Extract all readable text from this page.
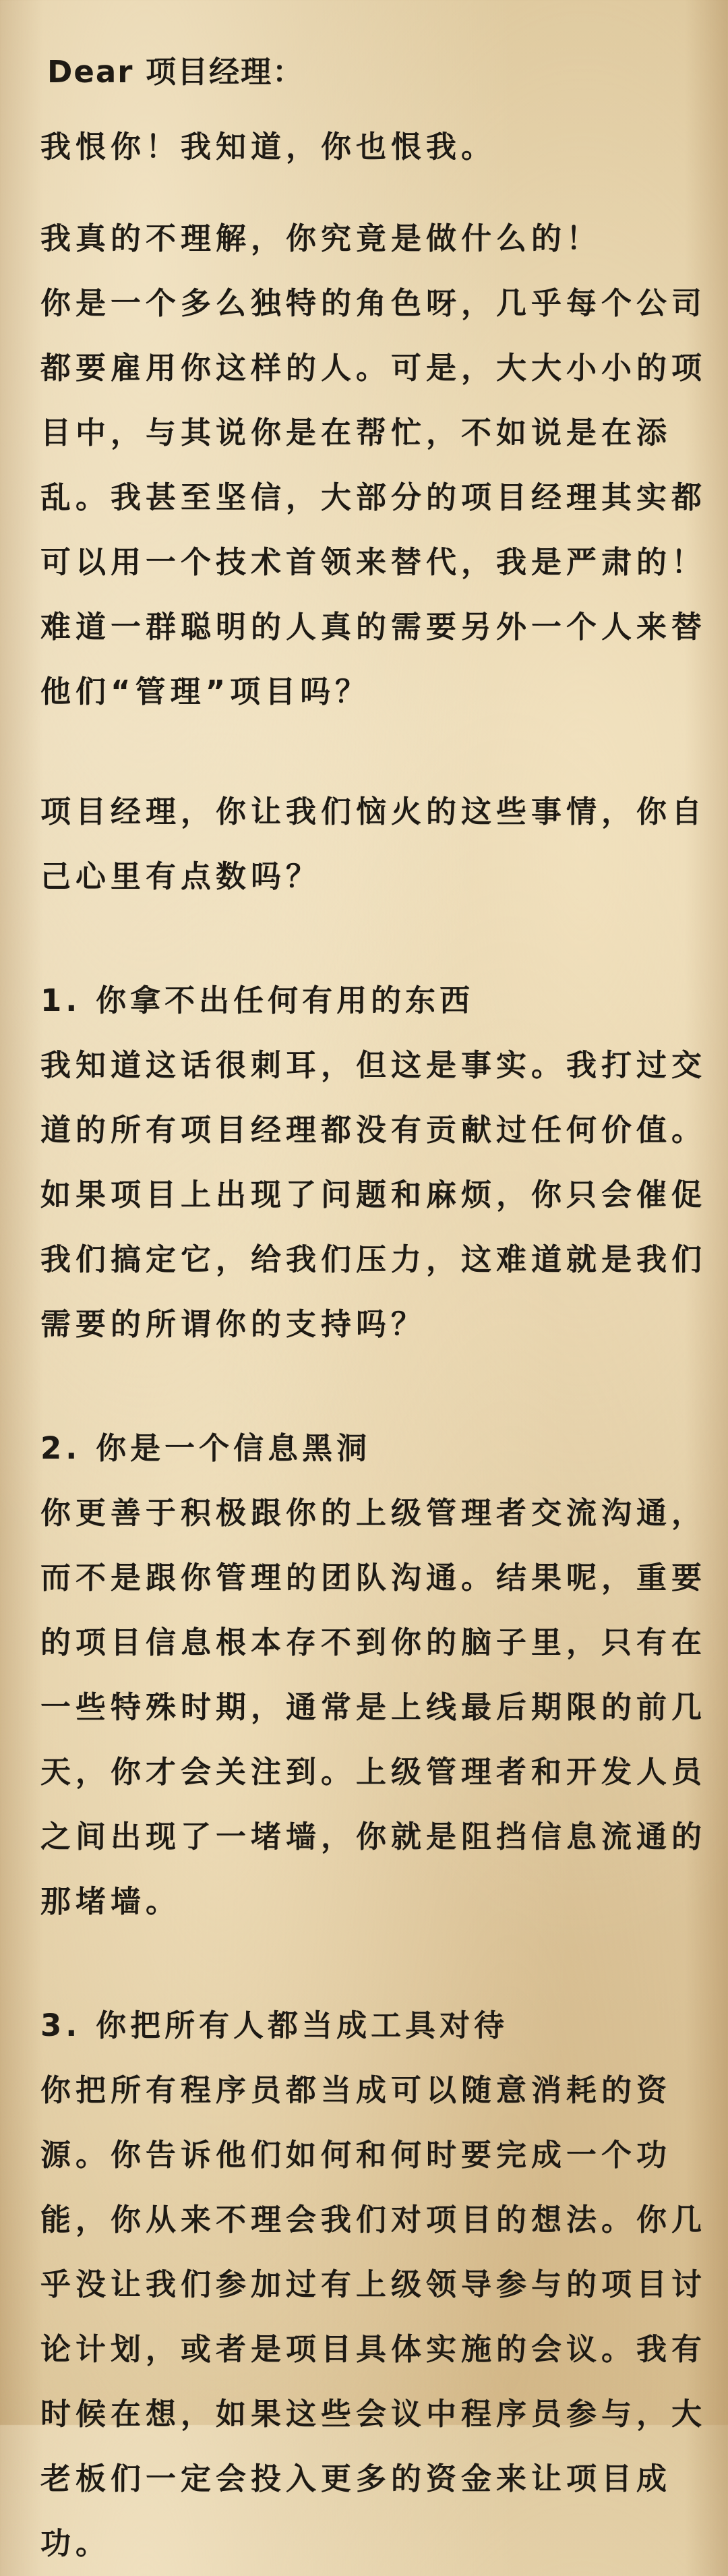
Dear 项目经理：

我恨你！我知道，你也恨我。

我真的不理解，你究竟是做什么的！
你是一个多么独特的角色呀，几乎每个公司
都要雇用你这样的人。可是，大大小小的项
目中，与其说你是在帮忙，不如说是在添
乱。我甚至坚信，大部分的项目经理其实都
可以用一个技术首领来替代，我是严肃的！
难道一群聪明的人真的需要另外一个人来替
他们“管理”项目吗？

项目经理，你让我们恼火的这些事情，你自
己心里有点数吗？

1. 你拿不出任何有用的东西

我知道这话很刺耳，但这是事实。我打过交
道的所有项目经理都没有贡献过任何价值。
如果项目上出现了问题和麻烦，你只会催促
我们搞定它，给我们压力，这难道就是我们
需要的所谓你的支持吗？

2. 你是一个信息黑洞

你更善于积极跟你的上级管理者交流沟通，
而不是跟你管理的团队沟通。结果呢，重要
的项目信息根本存不到你的脑子里，只有在
一些特殊时期，通常是上线最后期限的前几
天，你才会关注到。上级管理者和开发人员
之间出现了一堵墙，你就是阻挡信息流通的
那堵墙。

3. 你把所有人都当成工具对待

你把所有程序员都当成可以随意消耗的资
源。你告诉他们如何和何时要完成一个功
能，你从来不理会我们对项目的想法。你几
乎没让我们参加过有上级领导参与的项目讨
论计划，或者是项目具体实施的会议。我有
时候在想，如果这些会议中程序员参与，大
老板们一定会投入更多的资金来让项目成
功。
